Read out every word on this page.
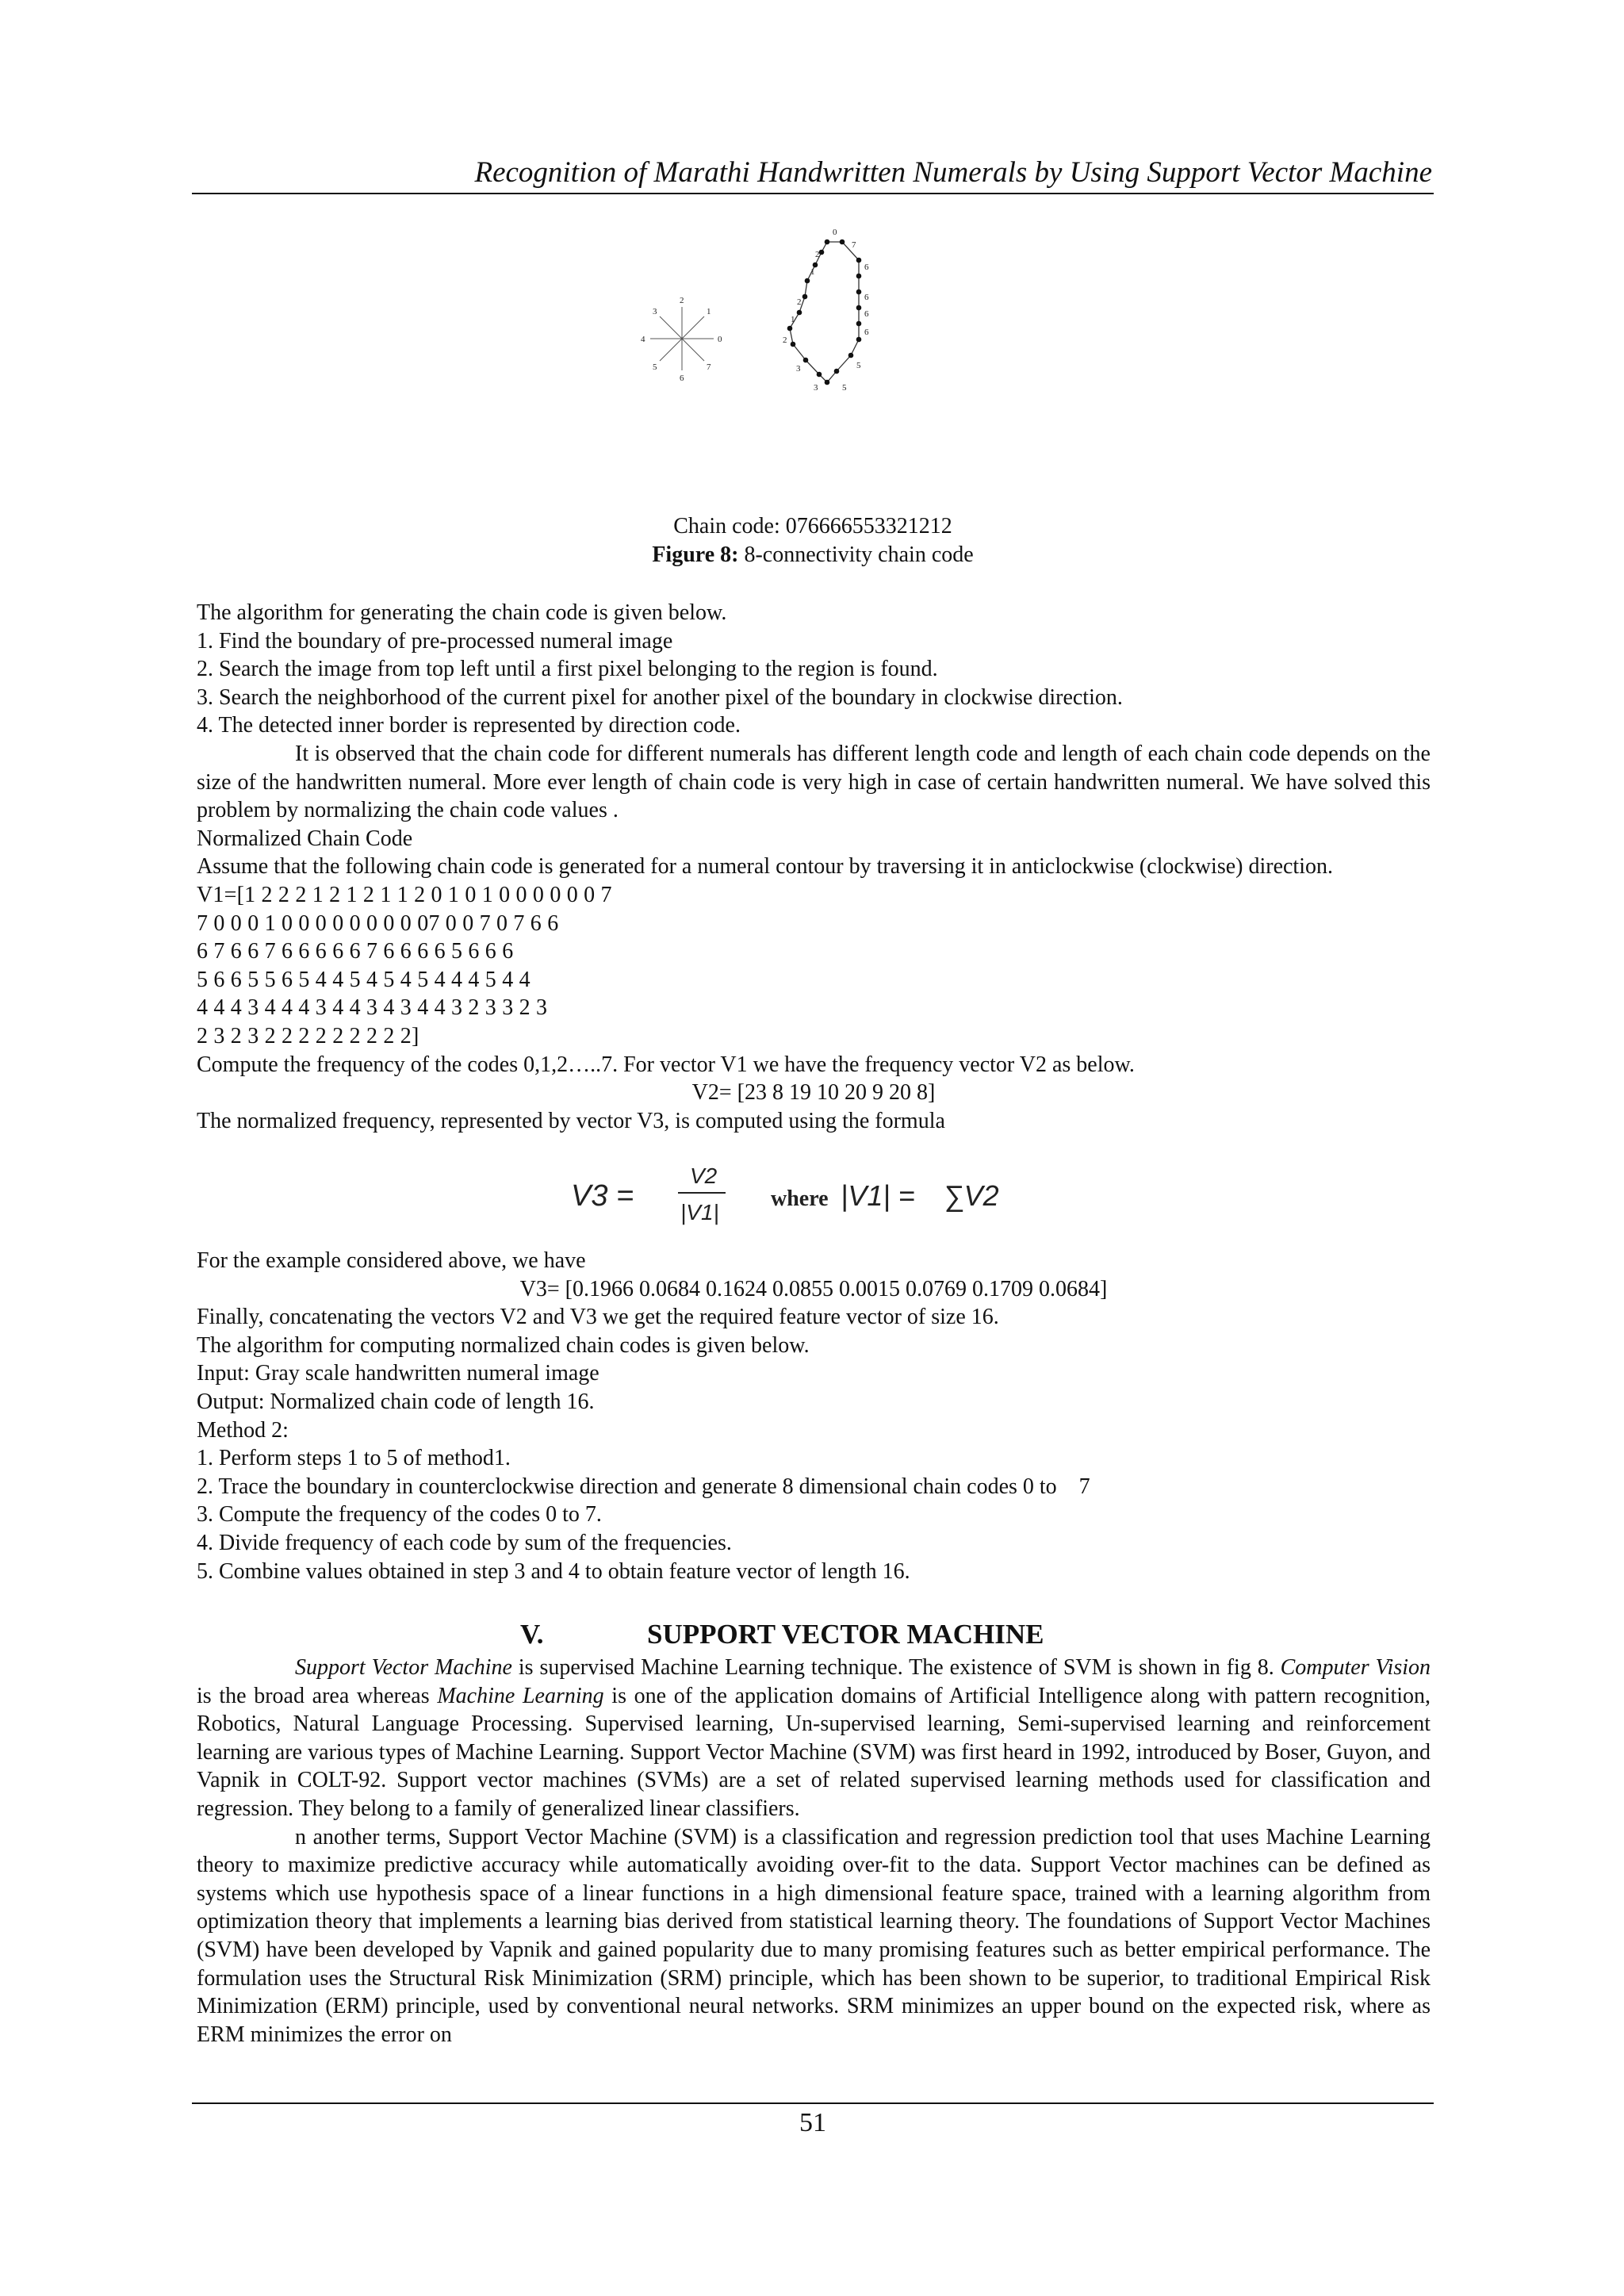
Recognition of Marathi Handwritten Numerals by Using Support Vector Machine
0
1
2
3
4
5
6
7
0
7
6
6
6
6
5
5
3
3
2
1
2
1
2
Chain code: 076666553321212
Figure 8: 8-connectivity chain code

The algorithm for generating the chain code is given below.

1. Find the boundary of pre-processed numeral image

2. Search the image from top left until a first pixel belonging to the region is found.

3. Search the neighborhood of the current pixel for another pixel of the boundary in clockwise direction.

4. The detected inner border is represented by direction code.

It is observed that the chain code for different numerals has different length code and length of each chain code depends on the size of the handwritten numeral. More ever length of chain code is very high in case of certain handwritten numeral. We have solved this problem by normalizing the chain code values .

Normalized Chain Code

Assume that the following chain code is generated for a numeral contour by traversing it in anticlockwise (clockwise) direction.

V1=[1 2 2 2 1 2 1 2 1 1 2 0 1 0 1 0 0 0 0 0 0 7

7 0 0 0 1 0 0 0 0 0 0 0 0 07 0 0 7 0 7 6 6

6 7 6 6 7 6 6 6 6 6 7 6 6 6 6 5 6 6 6

5 6 6 5 5 6 5 4 4 5 4 5 4 5 4 4 4 5 4 4

4 4 4 3 4 4 4 3 4 4 3 4 3 4 4 3 2 3 3 2 3

2 3 2 3 2 2 2 2 2 2 2 2 2]

Compute the frequency of the codes 0,1,2…..7. For vector V1 we have the frequency vector V2 as below.

V2= [23 8 19 10 20 9 20 8]

The normalized frequency, represented by vector V3, is computed using the formula

V3 =
V2
|V1|
where |V1| = ∑V2

For the example considered above, we have

V3= [0.1966 0.0684 0.1624 0.0855 0.0015 0.0769 0.1709 0.0684]

Finally, concatenating the vectors V2 and V3 we get the required feature vector of size 16.

The algorithm for computing normalized chain codes is given below.

Input: Gray scale handwritten numeral image

Output: Normalized chain code of length 16.

Method 2:

1. Perform steps 1 to 5 of method1.

2. Trace the boundary in counterclockwise direction and generate 8 dimensional chain codes 0 to    7

3. Compute the frequency of the codes 0 to 7.

4. Divide frequency of each code by sum of the frequencies.

5. Combine values obtained in step 3 and 4 to obtain feature vector of length 16.

V.	SUPPORT VECTOR MACHINE

Support Vector Machine is supervised Machine Learning technique. The existence of SVM is shown in fig 8. Computer Vision is the broad area whereas Machine Learning is one of the application domains of Artificial Intelligence along with pattern recognition, Robotics, Natural Language Processing. Supervised learning, Un-supervised learning, Semi-supervised learning and reinforcement learning are various types of Machine Learning. Support Vector Machine (SVM) was first heard in 1992, introduced by Boser, Guyon, and Vapnik in COLT-92. Support vector machines (SVMs) are a set of related supervised learning methods used for classification and regression. They belong to a family of generalized linear classifiers.

n another terms, Support Vector Machine (SVM) is a classification and regression prediction tool that uses Machine Learning theory to maximize predictive accuracy while automatically avoiding over-fit to the data. Support Vector machines can be defined as systems which use hypothesis space of a linear functions in a high dimensional feature space, trained with a learning algorithm from optimization theory that implements a learning bias derived from statistical learning theory. The foundations of Support Vector Machines (SVM) have been developed by Vapnik and gained popularity due to many promising features such as better empirical performance. The formulation uses the Structural Risk Minimization (SRM) principle, which has been shown to be superior, to traditional Empirical Risk Minimization (ERM) principle, used by conventional neural networks. SRM minimizes an upper bound on the expected risk, where as ERM minimizes the error on

51
